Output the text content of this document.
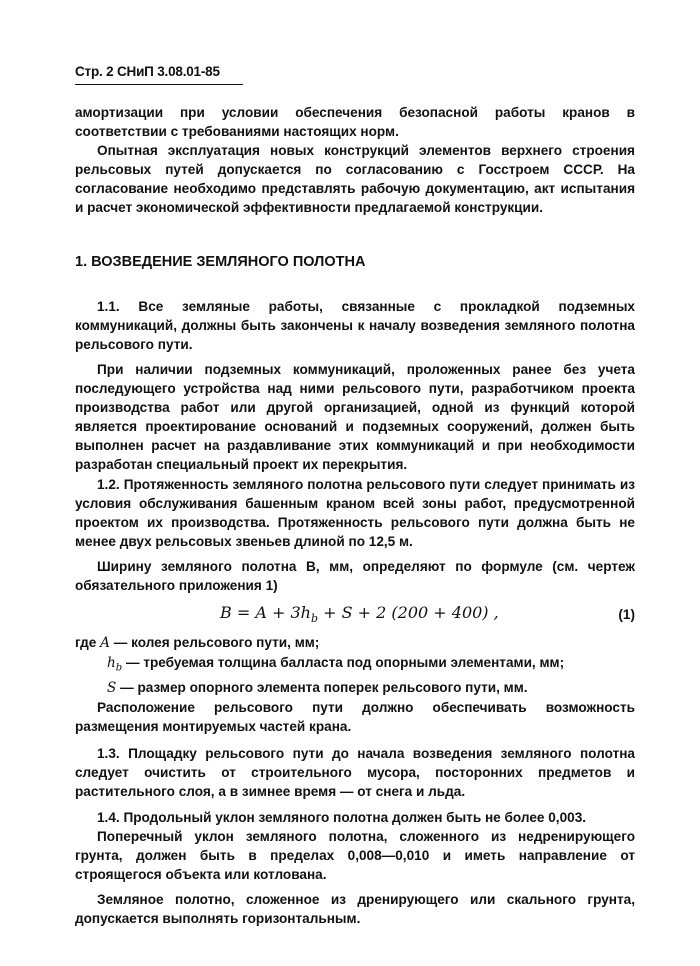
Стр. 2 СНиП 3.08.01-85

амортизации при условии обеспечения безопасной работы кранов в соответствии с требованиями настоящих норм.

Опытная эксплуатация новых конструкций элементов верхнего строения рельсовых путей допускается по согласованию с Госстроем СССР. На согласование необходимо представлять рабочую документацию, акт испытания и расчет экономической эффективности предлагаемой конструкции.

1. ВОЗВЕДЕНИЕ ЗЕМЛЯНОГО ПОЛОТНА

1.1. Все земляные работы, связанные с прокладкой подземных коммуникаций, должны быть закончены к началу возведения земляного полотна рельсового пути.

При наличии подземных коммуникаций, проложенных ранее без учета последующего устройства над ними рельсового пути, разработчиком проекта производства работ или другой организацией, одной из функций которой является проектирование оснований и подземных сооружений, должен быть выполнен расчет на раздавливание этих коммуникаций и при необходимости разработан специальный проект их перекрытия.

1.2. Протяженность земляного полотна рельсового пути следует принимать из условия обслуживания башенным краном всей зоны работ, предусмотренной проектом их производства. Протяженность рельсового пути должна быть не менее двух рельсовых звеньев длиной по 12,5 м.

Ширину земляного полотна B, мм, определяют по формуле (см. чертеж обязательного приложения 1)

$B = A + 3h_b + S + 2$ (200 + 400) ,	(1)
где A — колея рельсового пути, мм;
$h_b$ — требуемая толщина балласта под опорными элементами, мм;
S — размер опорного элемента поперек рельсового пути, мм.

Расположение рельсового пути должно обеспечивать возможность размещения монтируемых частей крана.

1.3. Площадку рельсового пути до начала возведения земляного полотна следует очистить от строительного мусора, посторонних предметов и растительного слоя, а в зимнее время — от снега и льда.

1.4. Продольный уклон земляного полотна должен быть не более 0,003.

Поперечный уклон земляного полотна, сложенного из недренирующего грунта, должен быть в пределах 0,008—0,010 и иметь направление от строящегося объекта или котлована.

Земляное полотно, сложенное из дренирующего или скального грунта, допускается выполнять горизонтальным.
